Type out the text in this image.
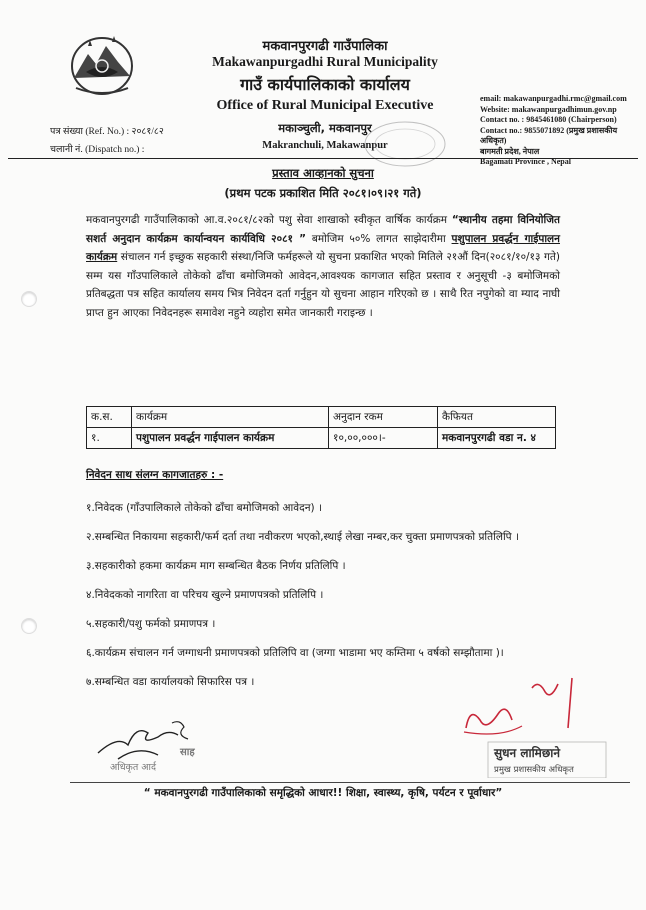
मकवानपुरगढी गाउँपालिका
Makawanpurgadhi Rural Municipality
गाउँ कार्यपालिकाको कार्यालय
Office of Rural Municipal Executive
मकाञ्चुली, मकवानपुर
Makranchuli, Makawanpur
पत्र संख्या (Ref. No.) : २०८१/८२
चलानी नं. (Dispatch no.) :
email: makawanpurgadhi.rmc@gmail.com
Website: makawanpurgadhimun.gov.np
Contact no. : 9845461080 (Chairperson)
Contact no.: 9855071892 (प्रमुख प्रशासकीय अधिकृत)
बागमती प्रदेश, नेपाल
Bagamati Province , Nepal
प्रस्ताव आव्हानको सुचना
(प्रथम पटक प्रकाशित मिति २०८१।०९।२१ गते)
मकवानपुरगढी गाउँपालिकाको आ.व.२०८१/८२को पशु सेवा शाखाको स्वीकृत वार्षिक कार्यक्रम “स्थानीय तहमा विनियोजित सशर्त अनुदान कार्यक्रम कार्यान्वयन कार्यविधि २०८१ ” बमोजिम ५०% लागत साझेदारीमा पशुपालन प्रवर्द्धन गाईपालन कार्यक्रम संचालन गर्न इच्छुक सहकारी संस्था/निजि फर्महरूले यो सुचना प्रकाशित भएको मितिले २१औं दिन(२०८१/१०/१३ गते) सम्म यस गाँउपालिकाले तोकेको ढाँचा बमोजिमको आवेदन,आवश्यक कागजात सहित प्रस्ताव र अनुसूची -३ बमोजिमको प्रतिबद्धता पत्र सहित कार्यालय समय भित्र निवेदन दर्ता गर्नुहुन यो सुचना आहान गरिएको छ । साथै रित नपुगेको वा म्याद नाघी प्राप्त हुन आएका निवेदनहरू समावेश नहुने व्यहोरा समेत जानकारी गराइन्छ ।
क.स.	कार्यक्रम	अनुदान रकम	कैफियत
१.	पशुपालन प्रवर्द्धन गाईपालन कार्यक्रम	१०,००,०००।-	मकवानपुरगढी वडा न. ४
निवेदन साथ संलग्न कागजातहरु : -
१.निवेदक (गाँउपालिकाले तोकेको ढाँचा बमोजिमको आवेदन) ।
२.सम्बन्धित निकायमा सहकारी/फर्म दर्ता तथा नवीकरण भएको,स्थाई लेखा नम्बर,कर चुक्ता प्रमाणपत्रको प्रतिलिपि ।
३.सहकारीको हकमा कार्यक्रम माग सम्बन्धित बैठक निर्णय प्रतिलिपि ।
४.निवेदकको नागरिता वा परिचय खुल्ने प्रमाणपत्रको प्रतिलिपि ।
५.सहकारी/पशु फर्मको प्रमाणपत्र ।
६.कार्यक्रम संचालन गर्न जग्गाधनी प्रमाणपत्रको प्रतिलिपि वा (जग्गा भाडामा भए कम्तिमा ५ वर्षको सम्झौतामा )।
७.सम्बन्धित वडा कार्यालयको सिफारिस पत्र ।
साह
अधिकृत आर्द
सुधन लामिछाने
प्रमुख प्रशासकीय अधिकृत
“ मकवानपुरगढी गाउँपालिकाको समृद्धिको आधार!! शिक्षा, स्वास्थ्य, कृषि, पर्यटन र पूर्वाधार”
